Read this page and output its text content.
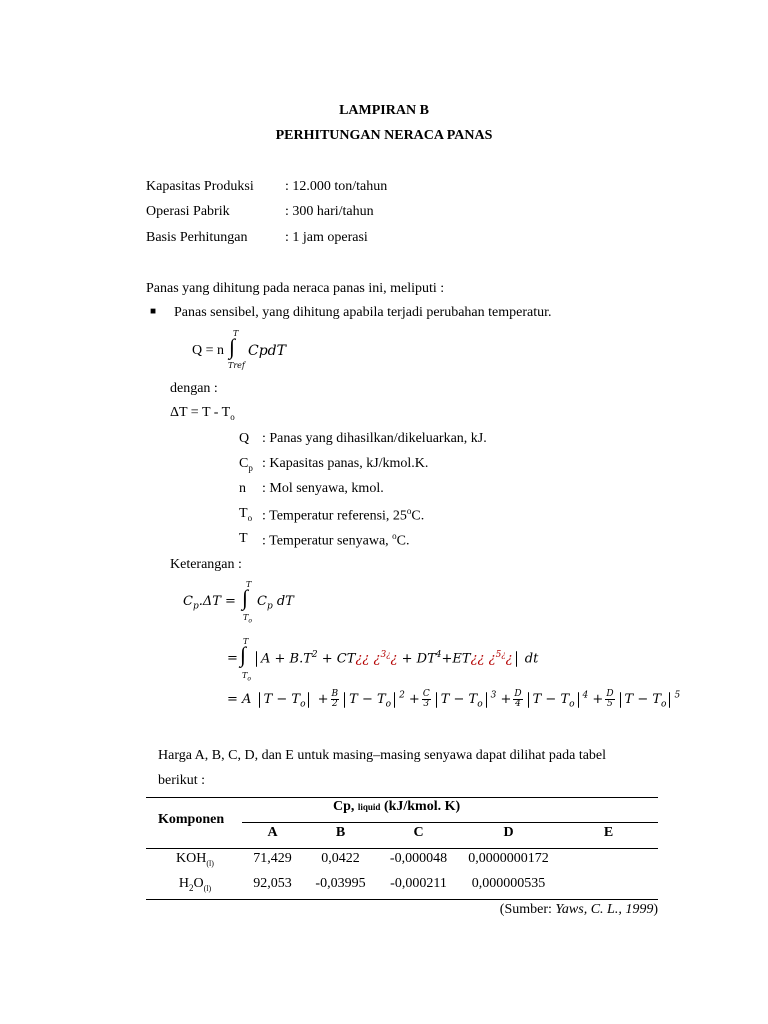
LAMPIRAN B
PERHITUNGAN NERACA PANAS
Kapasitas Produksi : 12.000 ton/tahun
Operasi Pabrik	: 300 hari/tahun
Basis Perhitungan	: 1 jam operasi
Panas yang dihitung pada neraca panas ini, meliputi :
■ Panas sensibel, yang dihitung apabila terjadi perubahan temperatur.
Q = n
T
∫
Tref
CpdT
dengan :
$\Delta T = T - T_o$
Q : Panas yang dihasilkan/dikeluarkan, kJ.
$C_p$ : Kapasitas panas, kJ/kmol.K.
n : Mol senyawa, kmol.
$T_o$ : Temperatur referensi, 25$^o$C.
T : Temperatur senyawa, $^o$C.
Keterangan :
$C_p.\Delta T$ =
T
∫
$T_o$
$C_p$ dT
=
T
∫
$T_o$
$A + B.T^2$ + CT¿¿ ¿$^{3¿}$¿ + $DT^4+ET¿¿$ ¿$^{5¿}$¿ dt
= A $T - T_o + \frac{B}{2}$ $T - T_o^2 + \frac{C}{3}$ $T - T_o^3 + \frac{D}{4}$ $T - T_o^4 + \frac{D}{5}$ $T - T_o^5$
Harga A, B, C, D, dan E untuk masing–masing senyawa dapat dilihat pada tabel
berikut :
Cp, liquid (kJ/kmol. K)
Komponen
A	B	C	D	E
$KOH_{(l)}$	71,429	0,0422	-0,000048	0,0000000172
$H_2O_{(l)}$	92,053	-0,03995	-0,000211	0,000000535
(Sumber: Yaws, C. L., 1999)
